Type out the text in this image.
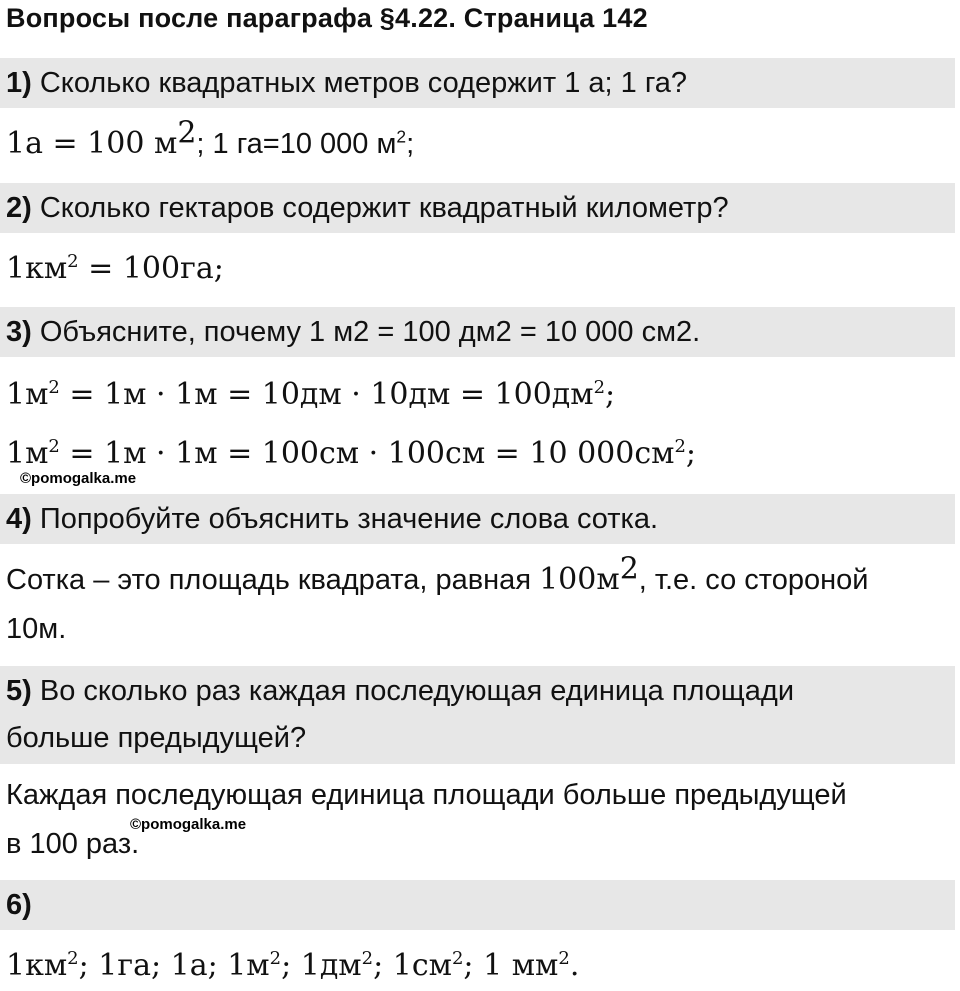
Вопросы после параграфа §4.22. Страница 142
1) Сколько квадратных метров содержит 1 а; 1 га?
1а = 100 $м^2$; 1 га=10 000 $м^2$;
2) Сколько гектаров содержит квадратный километр?
$1км^2 = 100га$;
3) Объясните, почему 1 м2 = 100 дм2 = 10 000 см2.
$1м^2 = 1м \cdot 1м = 10дм \cdot 10дм = 100дм^2$;
$1м^2 = 1м \cdot 1м = 100см \cdot 100см = 10$ $000см^2$;
©pomogalka.me
4) Попробуйте объяснить значение слова сотка.
Сотка – это площадь квадрата, равная $100м^2$, т.е. со стороной
10м.
5) Во сколько раз каждая последующая единица площади
больше предыдущей?
Каждая последующая единица площади больше предыдущей
в 100 раз.
©pomogalka.me
6)
$1км^2$; 1га; 1а; $1м^2$; $1дм^2$; $1см^2$; 1 $мм^2$.
